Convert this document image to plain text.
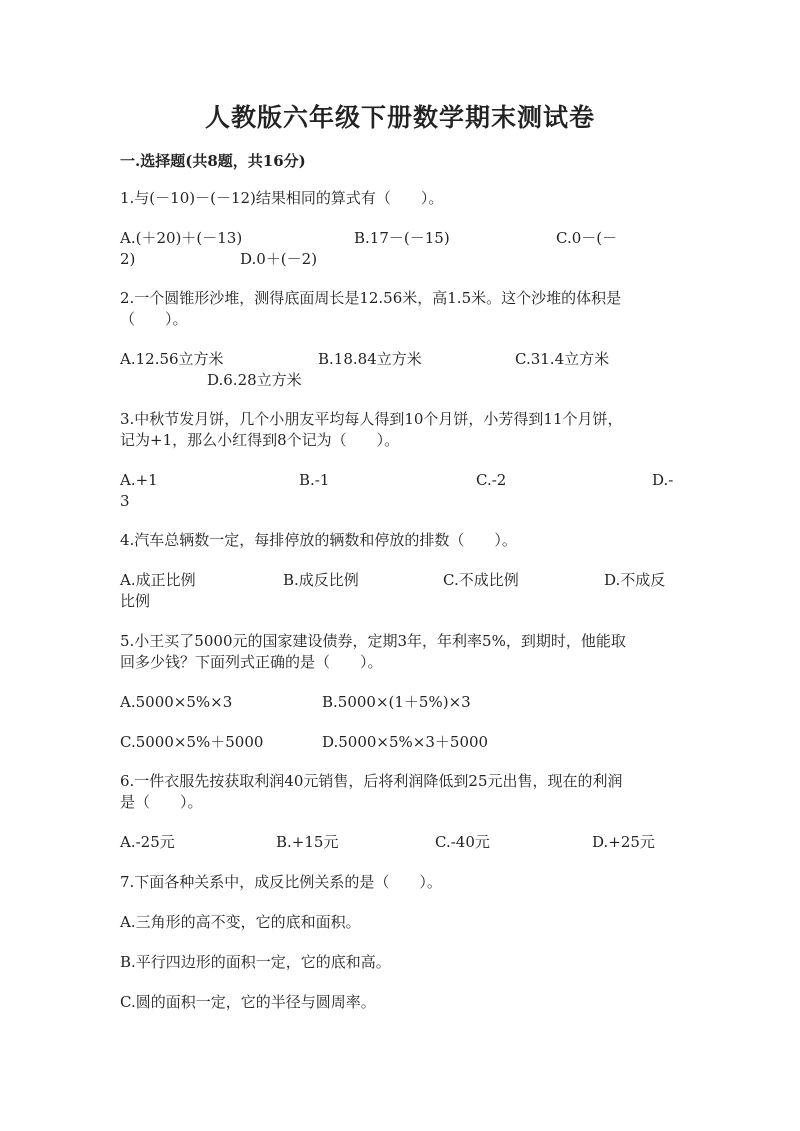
人教版六年级下册数学期末测试卷
一.选择题(共8题，共16分)
1.与(－10)－(－12)结果相同的算式有（　　）。
A.(＋20)＋(－13)	B.17－(－15)	C.0－(－
2)	D.0＋(－2)
2.一个圆锥形沙堆，测得底面周长是12.56米，高1.5米。这个沙堆的体积是
（　　）。
A.12.56立方米	B.18.84立方米	C.31.4立方米
D.6.28立方米
3.中秋节发月饼，几个小朋友平均每人得到10个月饼，小芳得到11个月饼，
记为+1，那么小红得到8个记为（　　）。
A.+1	B.-1	C.-2	D.-
3
4.汽车总辆数一定，每排停放的辆数和停放的排数（　　）。
A.成正比例	B.成反比例	C.不成比例	D.不成反
比例
5.小王买了5000元的国家建设债券，定期3年，年利率5%，到期时，他能取
回多少钱？下面列式正确的是（　　）。
A.5000×5%×3	B.5000×(1＋5%)×3
C.5000×5%＋5000	D.5000×5%×3＋5000
6.一件衣服先按获取利润40元销售，后将利润降低到25元出售，现在的利润
是（　　）。
A.-25元	B.+15元	C.-40元	D.+25元
7.下面各种关系中，成反比例关系的是（　　）。
A.三角形的高不变，它的底和面积。
B.平行四边形的面积一定，它的底和高。
C.圆的面积一定，它的半径与圆周率。
